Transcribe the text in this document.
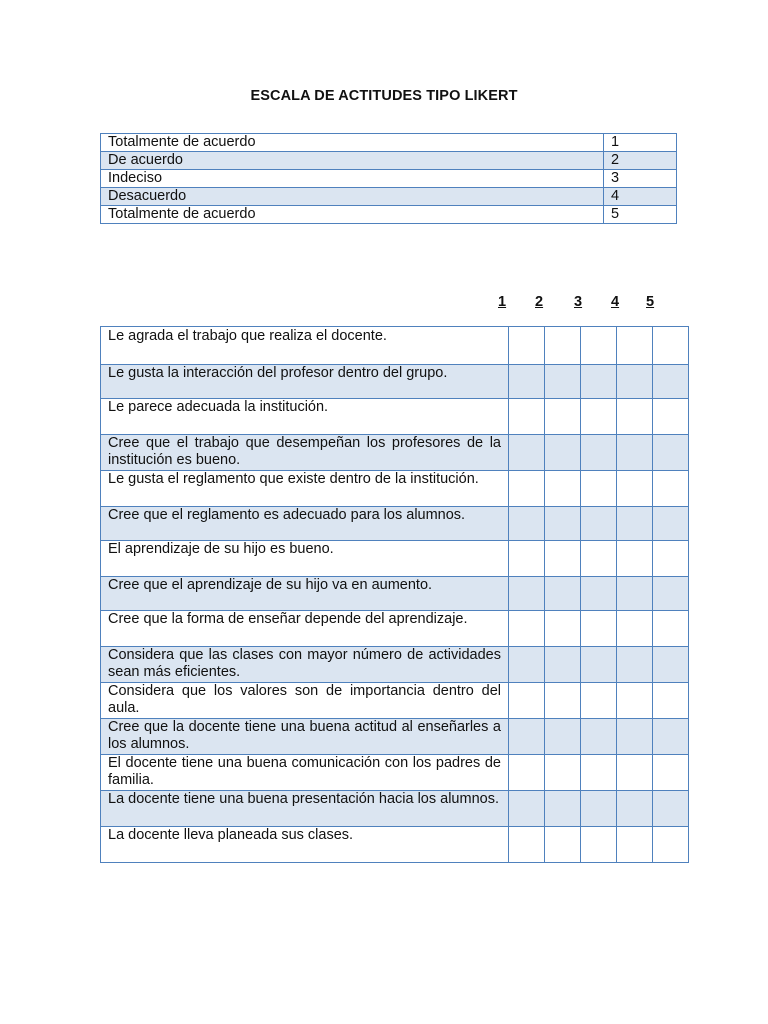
ESCALA DE ACTITUDES TIPO LIKERT
Totalmente de acuerdo	1
De acuerdo	2
Indeciso	3
Desacuerdo	4
Totalmente de acuerdo	5
1 2 3 4 5
Le agrada el trabajo que realiza el docente.					
Le gusta la interacción del profesor dentro del grupo.					
Le parece adecuada la institución.					
Cree que el trabajo que desempeñan los profesores de la institución es bueno.					
Le gusta el reglamento que existe dentro de la institución.					
Cree que el reglamento es adecuado para los alumnos.					
El aprendizaje de su hijo es bueno.					
Cree que el aprendizaje de su hijo va en aumento.					
Cree que la forma de enseñar depende del aprendizaje.					
Considera que las clases con mayor número de actividades sean más eficientes.					
Considera que los valores son de importancia dentro del aula.					
Cree que la docente tiene una buena actitud al enseñarles a los alumnos.					
El docente tiene una buena comunicación con los padres de familia.					
La docente tiene una buena presentación hacia los alumnos.					
La docente lleva planeada sus clases.					
